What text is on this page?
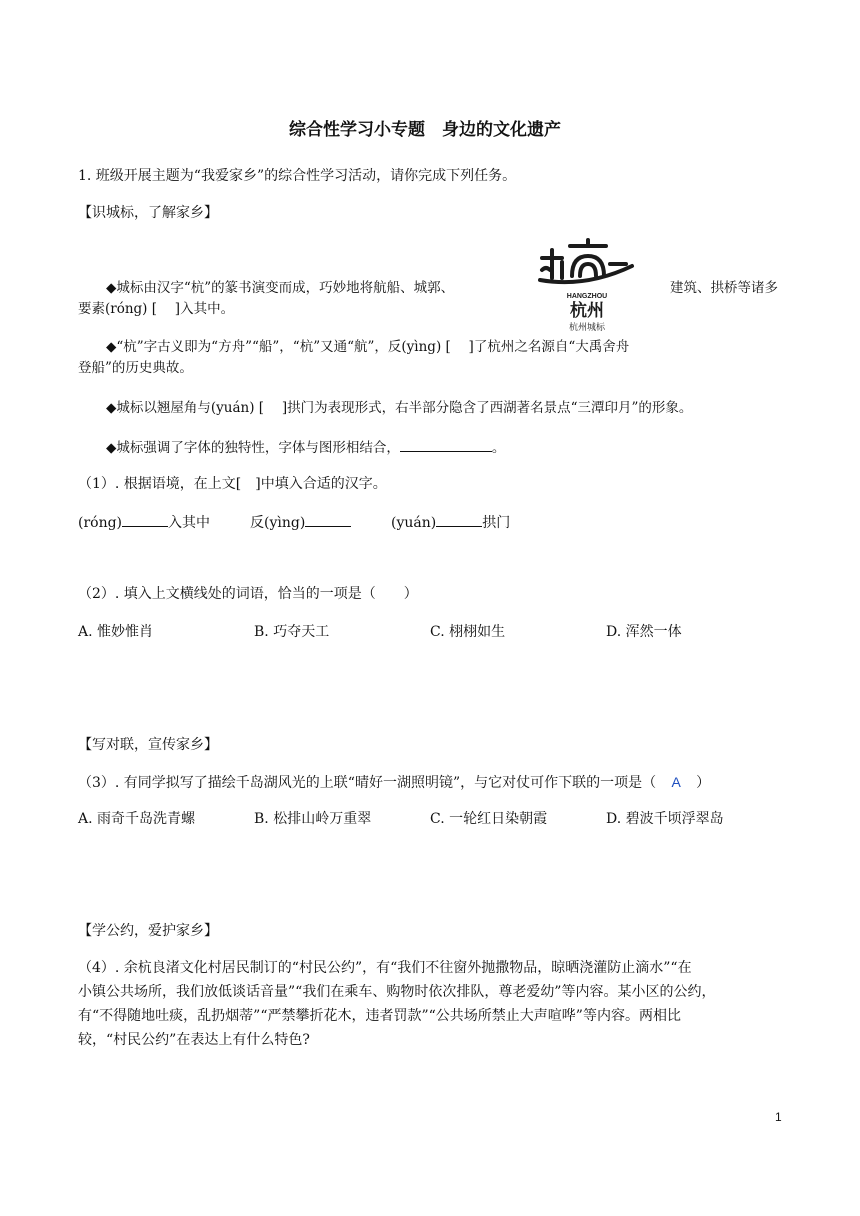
综合性学习小专题　身边的文化遗产
1. 班级开展主题为“我爱家乡”的综合性学习活动，请你完成下列任务。
【识城标，了解家乡】
◆城标由汉字“杭”的篆书演变而成，巧妙地将航船、城郭、	建筑、拱桥等诸多
要素(róng) [　 ]入其中。
HANGZHOU
杭州
杭州城标
◆“杭”字古义即为“方舟”“船”，“杭”又通“航”，反(yìng) [　 ]了杭州之名源自“大禹舍舟
登船”的历史典故。
◆城标以翘屋角与(yuán) [　 ]拱门为表现形式，右半部分隐含了西湖著名景点“三潭印月”的形象。
◆城标强调了字体的独特性，字体与图形相结合，	。
（1）. 根据语境，在上文[　]中填入合适的汉字。
(róng)	入其中	反(yìng)	(yuán)	拱门
（2）. 填入上文横线处的词语，恰当的一项是（　　）
A. 惟妙惟肖	B. 巧夺天工	C. 栩栩如生	D. 浑然一体
【写对联，宣传家乡】
（3）. 有同学拟写了描绘千岛湖风光的上联“晴好一湖照明镜”，与它对仗可作下联的一项是（ A ）
A. 雨奇千岛洗青螺	B. 松排山岭万重翠	C. 一轮红日染朝霞	D. 碧波千顷浮翠岛
【学公约，爱护家乡】
（4）. 余杭良渚文化村居民制订的“村民公约”，有“我们不往窗外抛撒物品，晾晒浇灌防止滴水”“在
小镇公共场所，我们放低谈话音量”“我们在乘车、购物时依次排队，尊老爱幼”等内容。某小区的公约，
有“不得随地吐痰，乱扔烟蒂”“严禁攀折花木，违者罚款”“公共场所禁止大声喧哗”等内容。两相比
较，“村民公约”在表达上有什么特色?
1
